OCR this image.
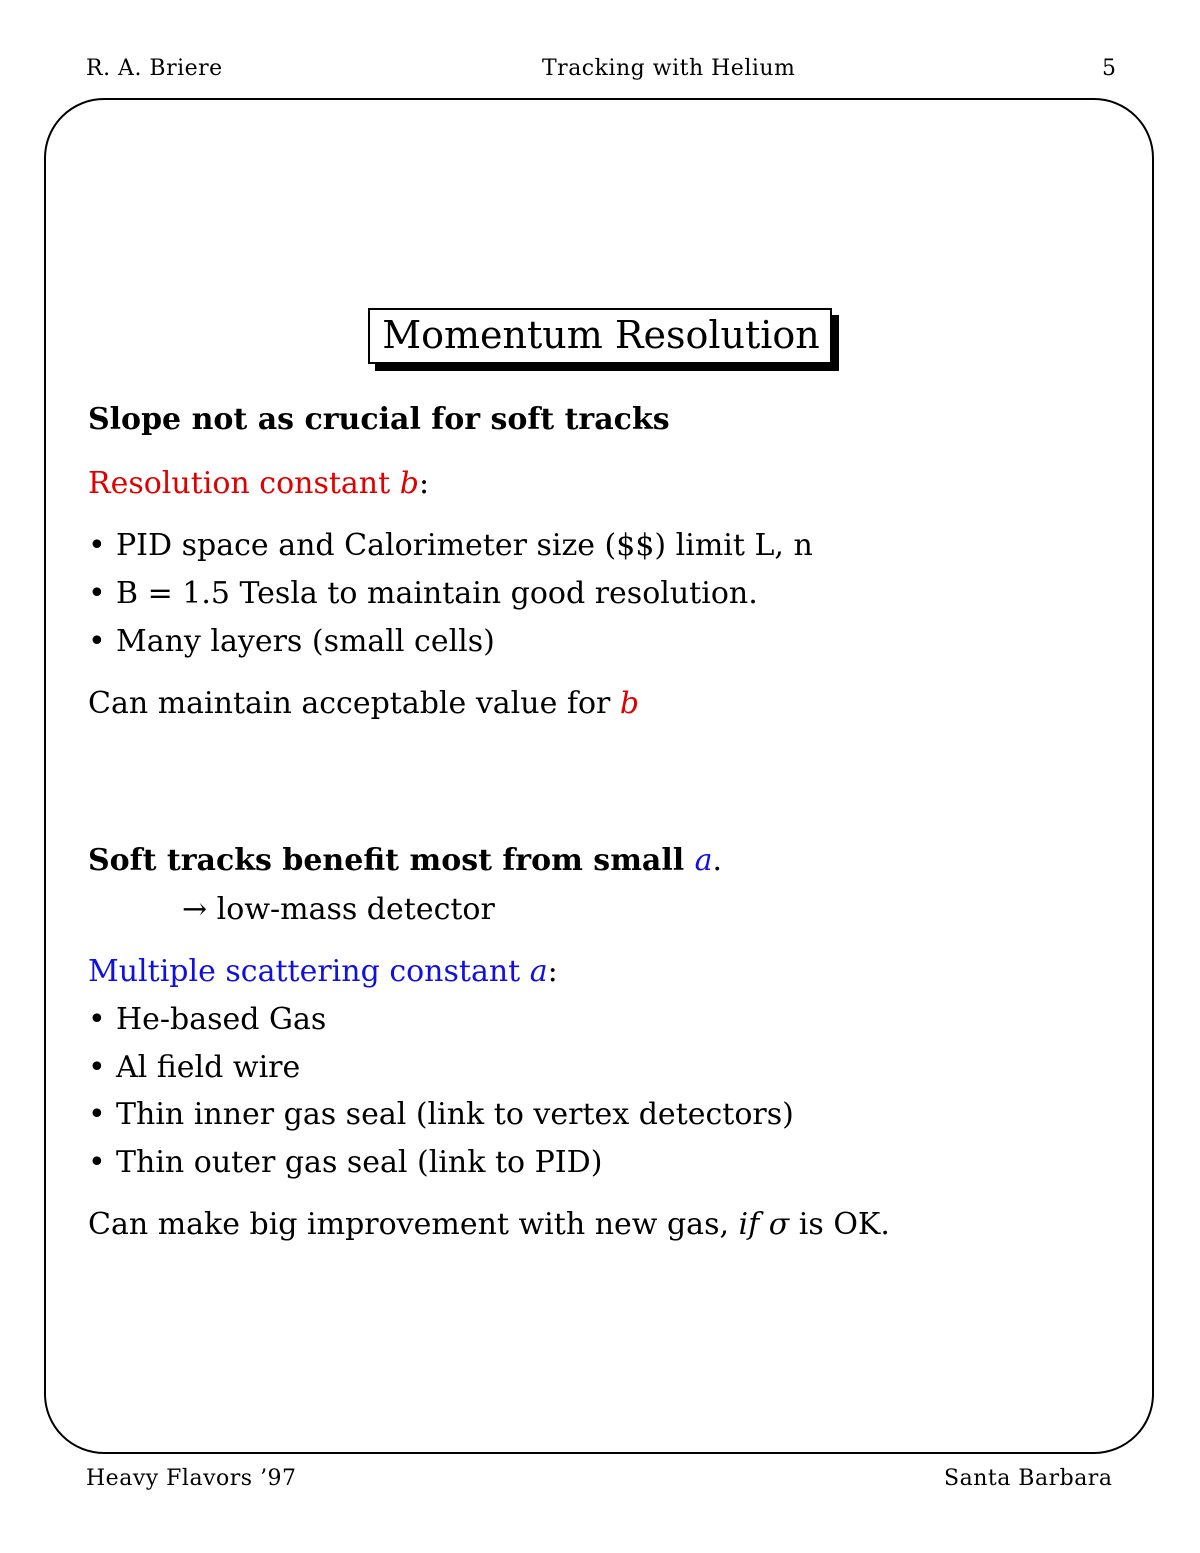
R. A. Briere	Tracking with Helium	5
Momentum Resolution
Slope not as crucial for soft tracks
Resolution constant b:
• PID space and Calorimeter size ($$) limit L, n
• B = 1.5 Tesla to maintain good resolution.
• Many layers (small cells)
Can maintain acceptable value for b
Soft tracks benefit most from small a.
→ low-mass detector
Multiple scattering constant a:
• He-based Gas
• Al field wire
• Thin inner gas seal (link to vertex detectors)
• Thin outer gas seal (link to PID)
Can make big improvement with new gas, if σ is OK.
Heavy Flavors ’97	Santa Barbara
